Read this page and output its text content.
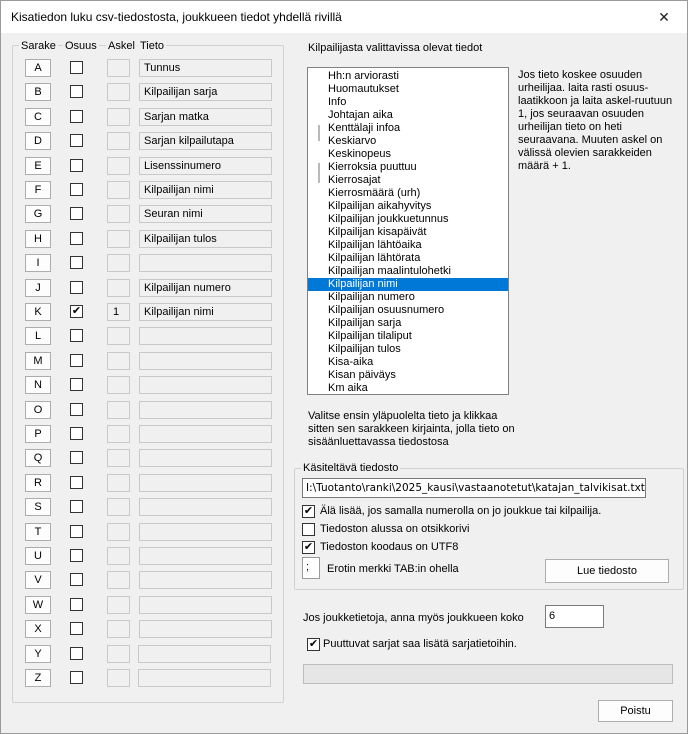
Kisatiedon luku csv-tiedostosta, joukkueen tiedot yhdellä rivillä	✕
Sarake Osuus Askel Tieto
A	Tunnus
B	Kilpailijan sarja
C	Sarjan matka
D	Sarjan kilpailutapa
E	Lisenssinumero
F	Kilpailijan nimi
G	Seuran nimi
H	Kilpailijan tulos
I
J	Kilpailijan numero
K	✔	1	Kilpailijan nimi
L
M
N
O
P
Q
R
S
T
U
V
W
X
Y
Z
Kilpailijasta valittavissa olevat tiedot
Hh:n arviorasti
Huomautukset
Info
Johtajan aika
Kenttälaji infoa
Keskiarvo
Keskinopeus
Kierroksia puuttuu
Kierrosajat
Kierrosmäärä (urh)
Kilpailijan aikahyvitys
Kilpailijan joukkuetunnus
Kilpailijan kisapäivät
Kilpailijan lähtöaika
Kilpailijan lähtörata
Kilpailijan maalintulohetki
Kilpailijan nimi
Kilpailijan numero
Kilpailijan osuusnumero
Kilpailijan sarja
Kilpailijan tilaliput
Kilpailijan tulos
Kisa-aika
Kisan päiväys
Km aika
Jos tieto koskee osuuden urheilijaa. laita rasti osuus-laatikkoon ja laita askel-ruutuun 1, jos seuraavan osuuden urheilijan tieto on heti seuraavana. Muuten askel on välissä olevien sarakkeiden määrä + 1.
Valitse ensin yläpuolelta tieto ja klikkaa sitten sen sarakkeen kirjainta, jolla tieto on sisäänluettavassa tiedostosa
Käsiteltävä tiedosto
I:\Tuotanto\ranki\2025_kausi\vastaanotetut\katajan_talvikisat.txt
✔ Älä lisää, jos samalla numerolla on jo joukkue tai kilpailija.
Tiedoston alussa on otsikkorivi
✔ Tiedoston koodaus on UTF8
;	Erotin merkki TAB:in ohella	Lue tiedosto
Jos joukketietoja, anna myös joukkueen koko	6
✔ Puuttuvat sarjat saa lisätä sarjatietoihin.
Poistu
